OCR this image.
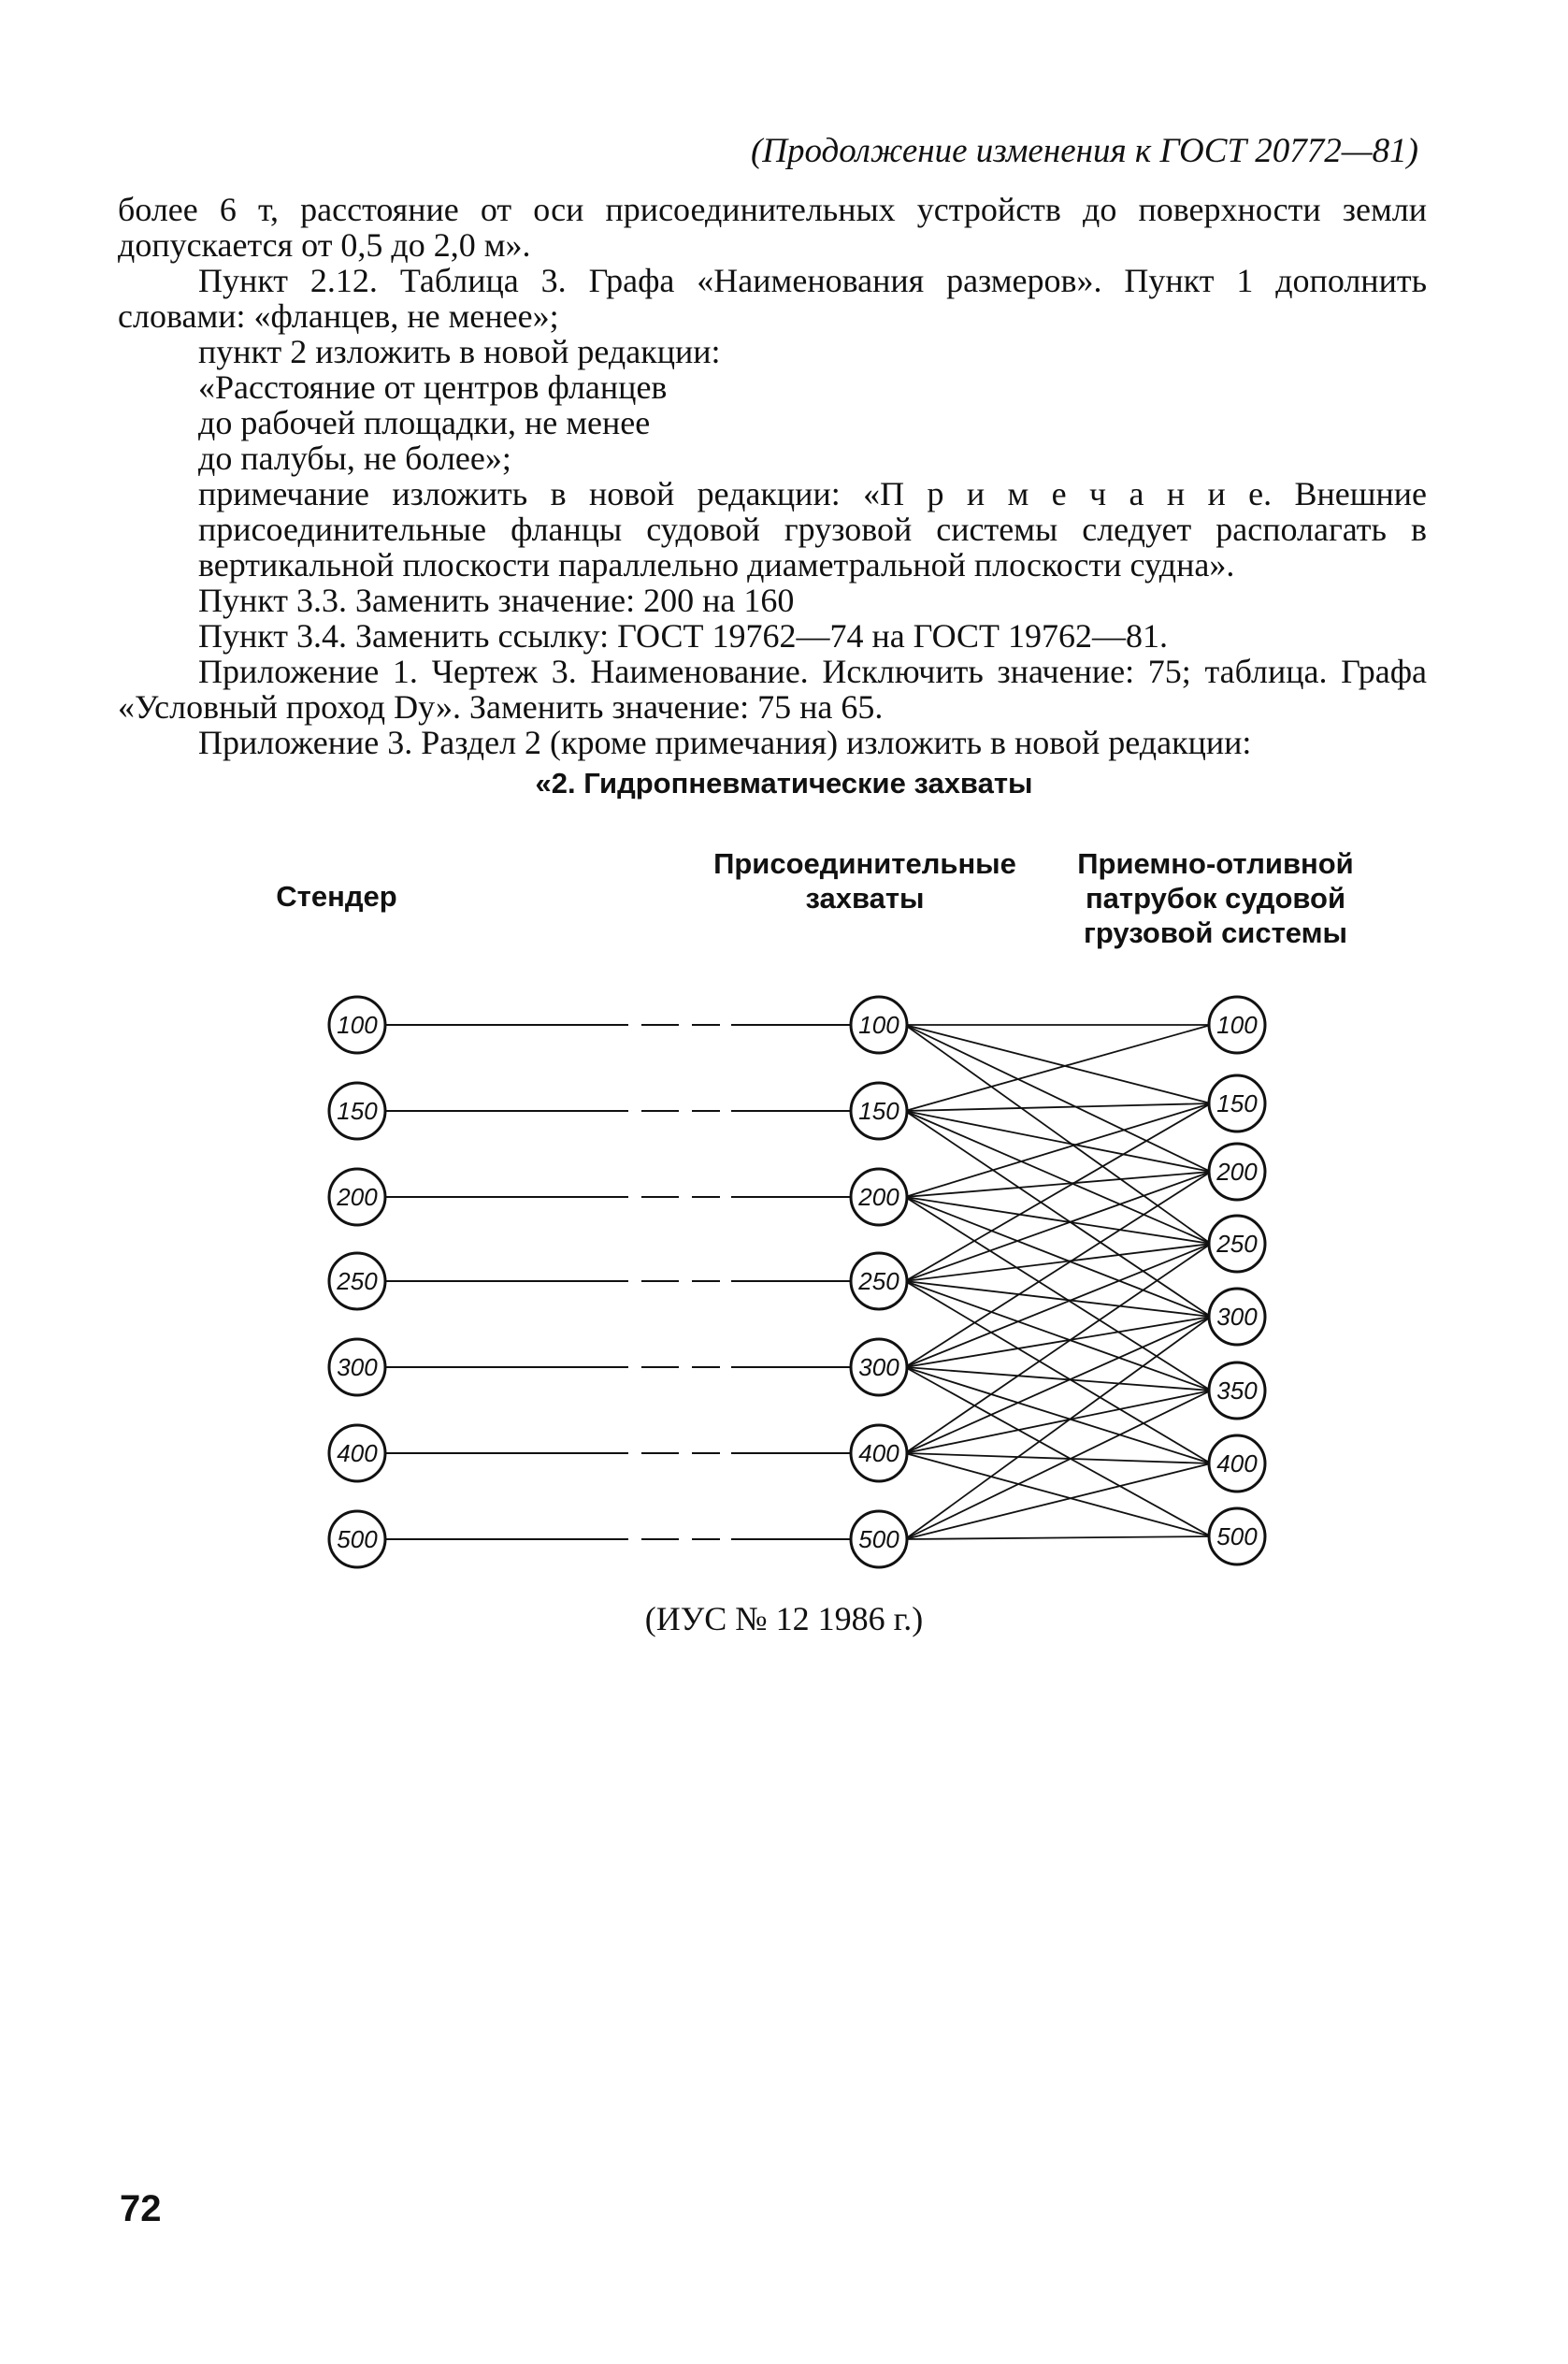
(Продолжение изменения к ГОСТ 20772—81)

более 6 т, расстояние от оси присоединительных устройств до поверхности земли допускается от 0,5 до 2,0 м».

Пункт 2.12. Таблица 3. Графа «Наименования размеров». Пункт 1 дополнить словами: «фланцев, не менее»;

пункт 2 изложить в новой редакции:

«Расстояние от центров фланцев

до рабочей площадки, не менее

до палубы, не более»;

примечание изложить в новой редакции: «П р и м е ч а н и е. Внешние присоединительные фланцы судовой грузовой системы следует располагать в вертикальной плоскости параллельно диаметральной плоскости судна».

Пункт 3.3. Заменить значение: 200 на 160

Пункт 3.4. Заменить ссылку: ГОСТ 19762—74 на ГОСТ 19762—81.

Приложение 1. Чертеж 3. Наименование. Исключить значение: 75; таблица. Графа «Условный проход Dу». Заменить значение: 75 на 65.

Приложение 3. Раздел 2 (кроме примечания) изложить в новой редакции:

«2. Гидропневматические захваты
Стендер
Присоединительные
захваты
Приемно-отливной
патрубок судовой
грузовой системы
100
150
200
250
300
400
500
100
150
200
250
300
400
500
100
150
200
250
300
350
400
500
(ИУС № 12 1986 г.)
72
